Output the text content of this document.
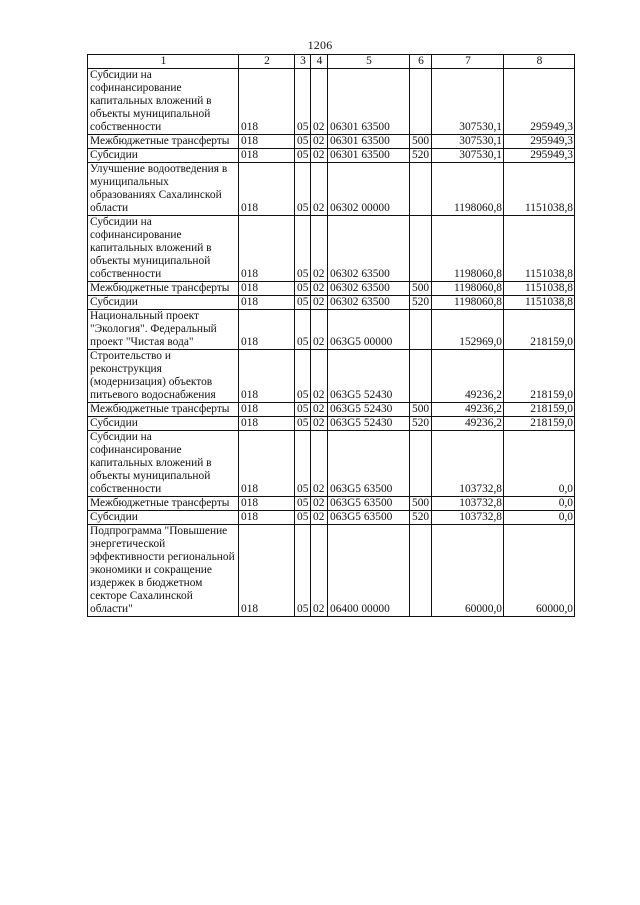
1206
1	2	3	4	5	6	7	8
Субсидии на софинансирование капитальных вложений в объекты муниципальной собственности	018	05	02	06301 63500		307530,1	295949,3
Межбюджетные трансферты	018	05	02	06301 63500	500	307530,1	295949,3
Субсидии	018	05	02	06301 63500	520	307530,1	295949,3
Улучшение водоотведения в муниципальных образованиях Сахалинской области	018	05	02	06302 00000		1198060,8	1151038,8
Субсидии на софинансирование капитальных вложений в объекты муниципальной собственности	018	05	02	06302 63500		1198060,8	1151038,8
Межбюджетные трансферты	018	05	02	06302 63500	500	1198060,8	1151038,8
Субсидии	018	05	02	06302 63500	520	1198060,8	1151038,8
Национальный проект "Экология". Федеральный проект "Чистая вода"	018	05	02	063G5 00000		152969,0	218159,0
Строительство и реконструкция (модернизация) объектов питьевого водоснабжения	018	05	02	063G5 52430		49236,2	218159,0
Межбюджетные трансферты	018	05	02	063G5 52430	500	49236,2	218159,0
Субсидии	018	05	02	063G5 52430	520	49236,2	218159,0
Субсидии на софинансирование капитальных вложений в объекты муниципальной собственности	018	05	02	063G5 63500		103732,8	0,0
Межбюджетные трансферты	018	05	02	063G5 63500	500	103732,8	0,0
Субсидии	018	05	02	063G5 63500	520	103732,8	0,0
Подпрограмма "Повышение энергетической эффективности региональной экономики и сокращение издержек в бюджетном секторе Сахалинской области"	018	05	02	06400 00000		60000,0	60000,0
